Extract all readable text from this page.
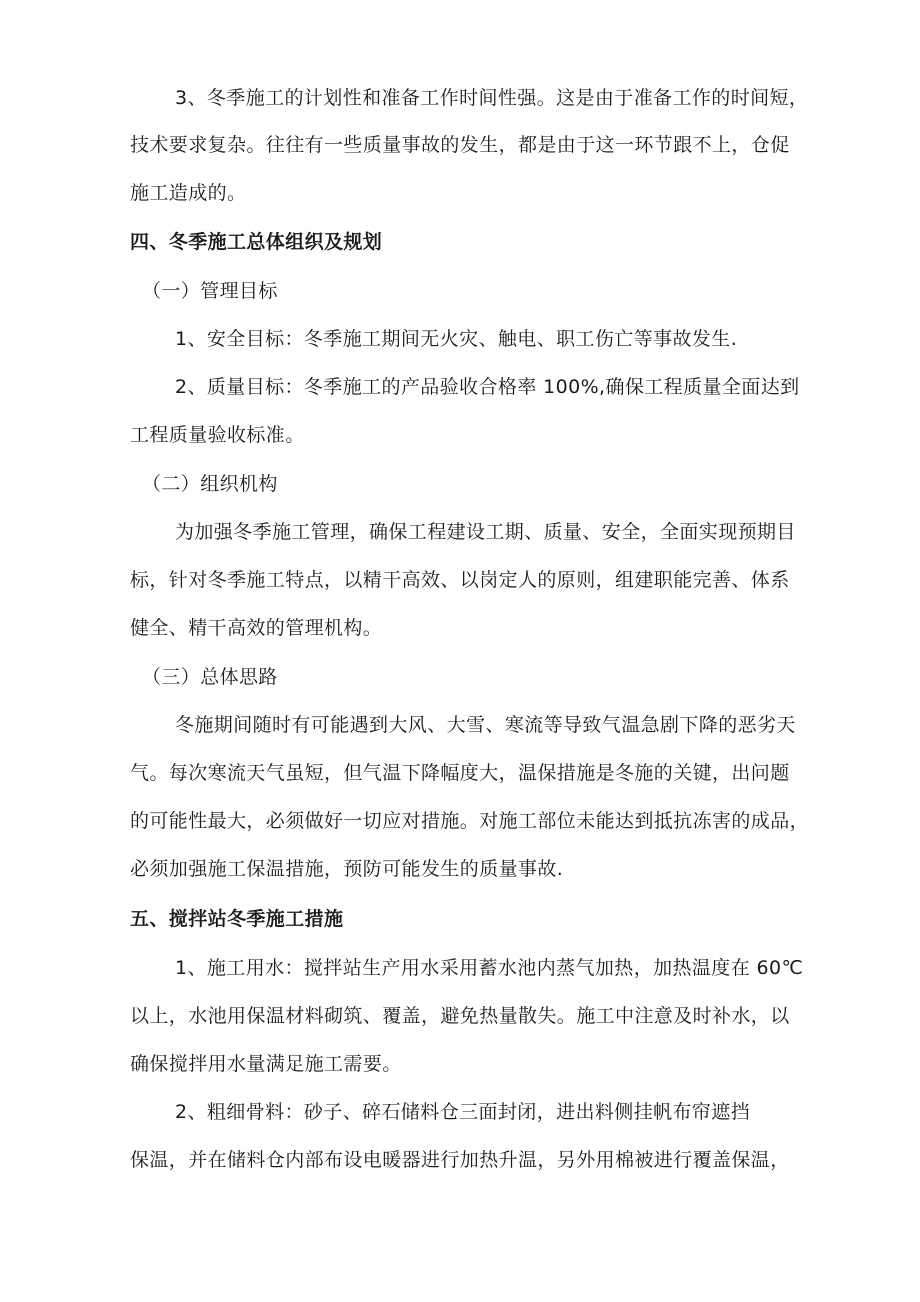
3、冬季施工的计划性和准备工作时间性强。这是由于准备工作的时间短，
技术要求复杂。往往有一些质量事故的发生，都是由于这一环节跟不上，仓促
施工造成的。
四、冬季施工总体组织及规划
（一）管理目标
1、安全目标：冬季施工期间无火灾、触电、职工伤亡等事故发生.
2、质量目标：冬季施工的产品验收合格率 100%,确保工程质量全面达到
工程质量验收标准。
（二）组织机构
为加强冬季施工管理，确保工程建设工期、质量、安全，全面实现预期目
标，针对冬季施工特点，以精干高效、以岗定人的原则，组建职能完善、体系
健全、精干高效的管理机构。
（三）总体思路
冬施期间随时有可能遇到大风、大雪、寒流等导致气温急剧下降的恶劣天
气。每次寒流天气虽短，但气温下降幅度大，温保措施是冬施的关键，出问题
的可能性最大，必须做好一切应对措施。对施工部位未能达到抵抗冻害的成品，
必须加强施工保温措施，预防可能发生的质量事故.
五、搅拌站冬季施工措施
1、施工用水：搅拌站生产用水采用蓄水池内蒸气加热，加热温度在 60℃
以上，水池用保温材料砌筑、覆盖，避免热量散失。施工中注意及时补水，以
确保搅拌用水量满足施工需要。
2、粗细骨料：砂子、碎石储料仓三面封闭，进出料侧挂帆布帘遮挡
保温，并在储料仓内部布设电暖器进行加热升温，另外用棉被进行覆盖保温，
